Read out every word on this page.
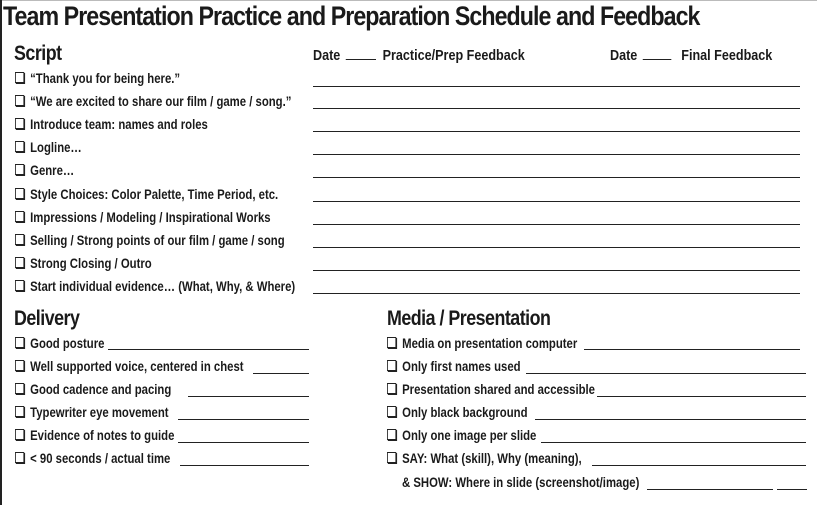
Team Presentation Practice and Preparation Schedule and Feedback
Script	Date	Practice/Prep Feedback	Date	Final Feedback
“Thank you for being here.”
“We are excited to share our film / game / song.”
Introduce team: names and roles
Logline…
Genre…
Style Choices: Color Palette, Time Period, etc.
Impressions / Modeling / Inspirational Works
Selling / Strong points of our film / game / song
Strong Closing / Outro
Start individual evidence… (What, Why, & Where)
Delivery
Good posture
Well supported voice, centered in chest
Good cadence and pacing
Typewriter eye movement
Evidence of notes to guide
< 90 seconds / actual time
Media / Presentation
Media on presentation computer
Only first names used
Presentation shared and accessible
Only black background
Only one image per slide
SAY: What (skill), Why (meaning),
& SHOW: Where in slide (screenshot/image)
